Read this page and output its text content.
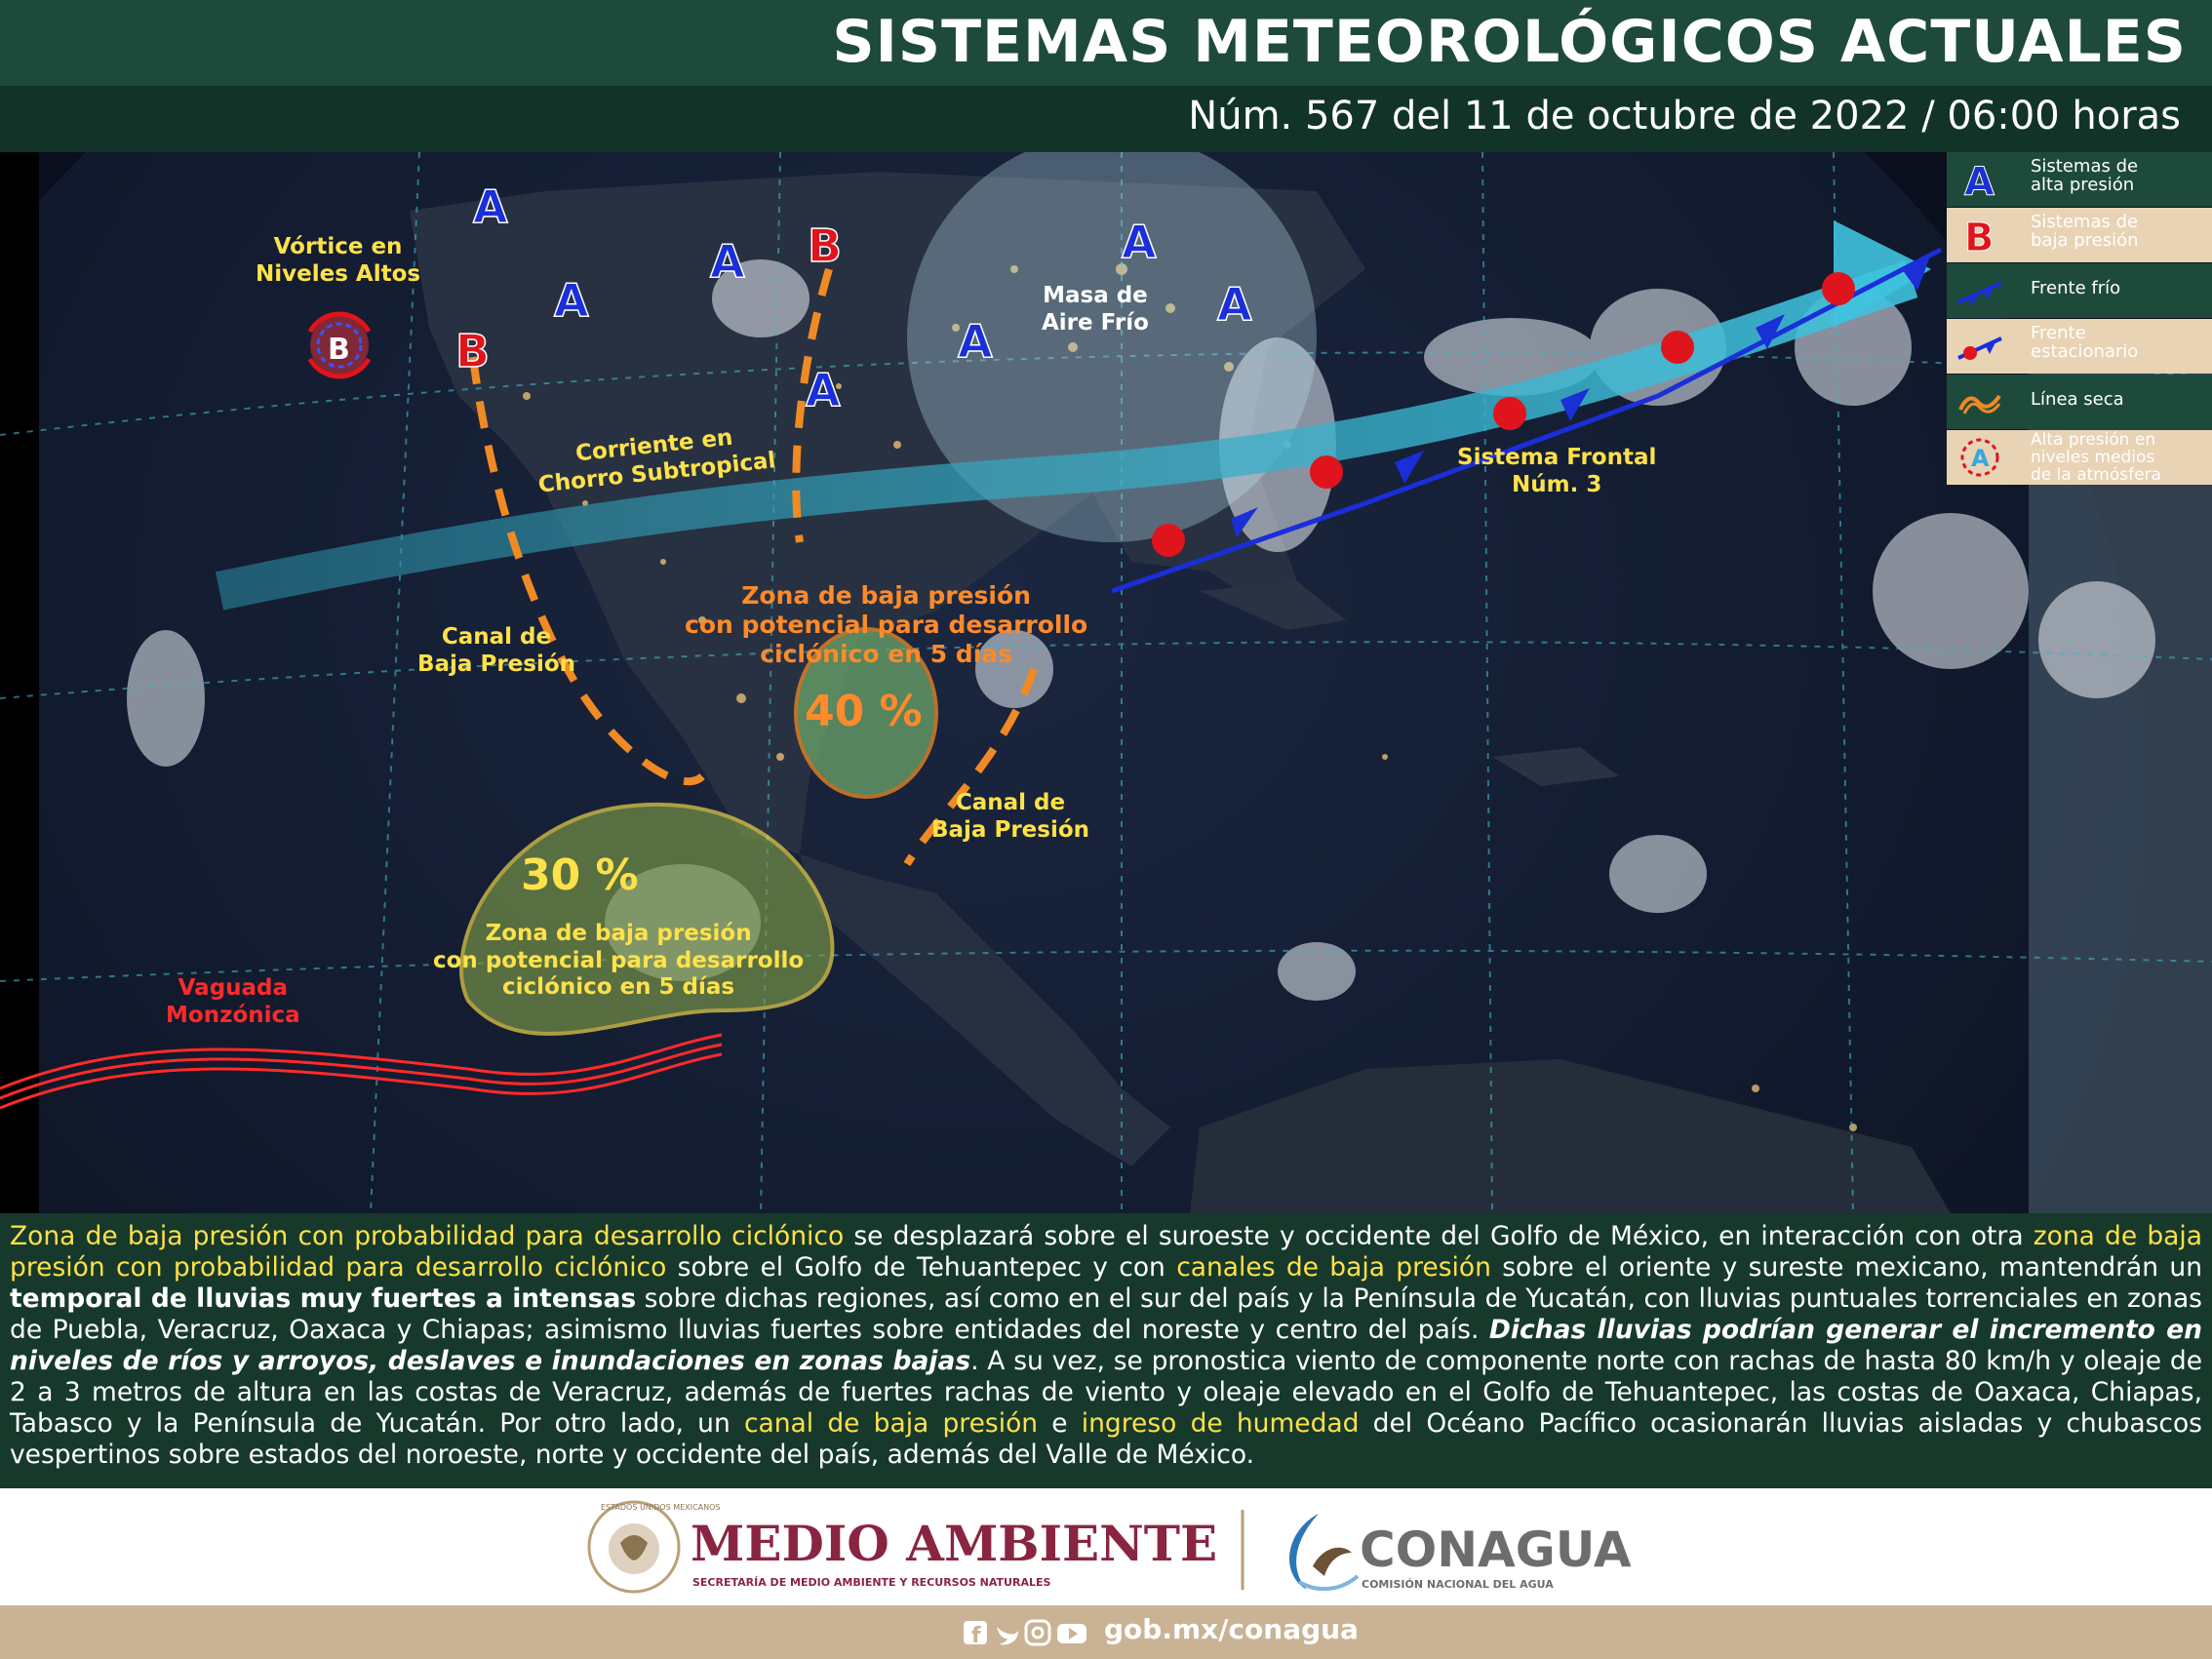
SISTEMAS METEOROLÓGICOS ACTUALES
Núm. 567 del 11 de octubre de 2022 / 06:00 horas
A
A
A
A
A
A
A
B
B
B
Vórtice en
Niveles Altos
Masa de
Aire Frío
Corriente en
Chorro Subtropical
Canal de
Baja Presión
Canal de
Baja Presión
Zona de baja presión
con potencial para desarrollo
ciclónico en 5 días
40 %
30 %
Zona de baja presión
con potencial para desarrollo
ciclónico en 5 días
Sistema Frontal
Núm. 3
Vaguada
Monzónica
A Sistemas de
alta presión
B Sistemas de
baja presión
Frente frío
Frente
estacionario
Línea seca
A
Alta presión en
niveles medios
de la atmósfera

Zona de baja presión con probabilidad para desarrollo ciclónico se desplazará sobre el suroeste y occidente del Golfo de México, en interacción con otra zona de baja presión con probabilidad para desarrollo ciclónico sobre el Golfo de Tehuantepec y con canales de baja presión sobre el oriente y sureste mexicano, mantendrán un temporal de lluvias muy fuertes a intensas sobre dichas regiones, así como en el sur del país y la Península de Yucatán, con lluvias puntuales torrenciales en zonas de Puebla, Veracruz, Oaxaca y Chiapas; asimismo lluvias fuertes sobre entidades del noreste y centro del país. Dichas lluvias podrían generar el incremento en niveles de ríos y arroyos, deslaves e inundaciones en zonas bajas. A su vez, se pronostica viento de componente norte con rachas de hasta 80 km/h y oleaje de 2 a 3 metros de altura en las costas de Veracruz, además de fuertes rachas de viento y oleaje elevado en el Golfo de Tehuantepec, las costas de Oaxaca, Chiapas, Tabasco y la Península de Yucatán. Por otro lado, un canal de baja presión e ingreso de humedad del Océano Pacífico ocasionarán lluvias aisladas y chubascos vespertinos sobre estados del noroeste, norte y occidente del país, además del Valle de México.

ESTADOS UNIDOS MEXICANOS
MEDIO AMBIENTE
SECRETARÍA DE MEDIO AMBIENTE Y RECURSOS NATURALES
CONAGUA
COMISIÓN NACIONAL DEL AGUA
f	gob.mx/conagua
